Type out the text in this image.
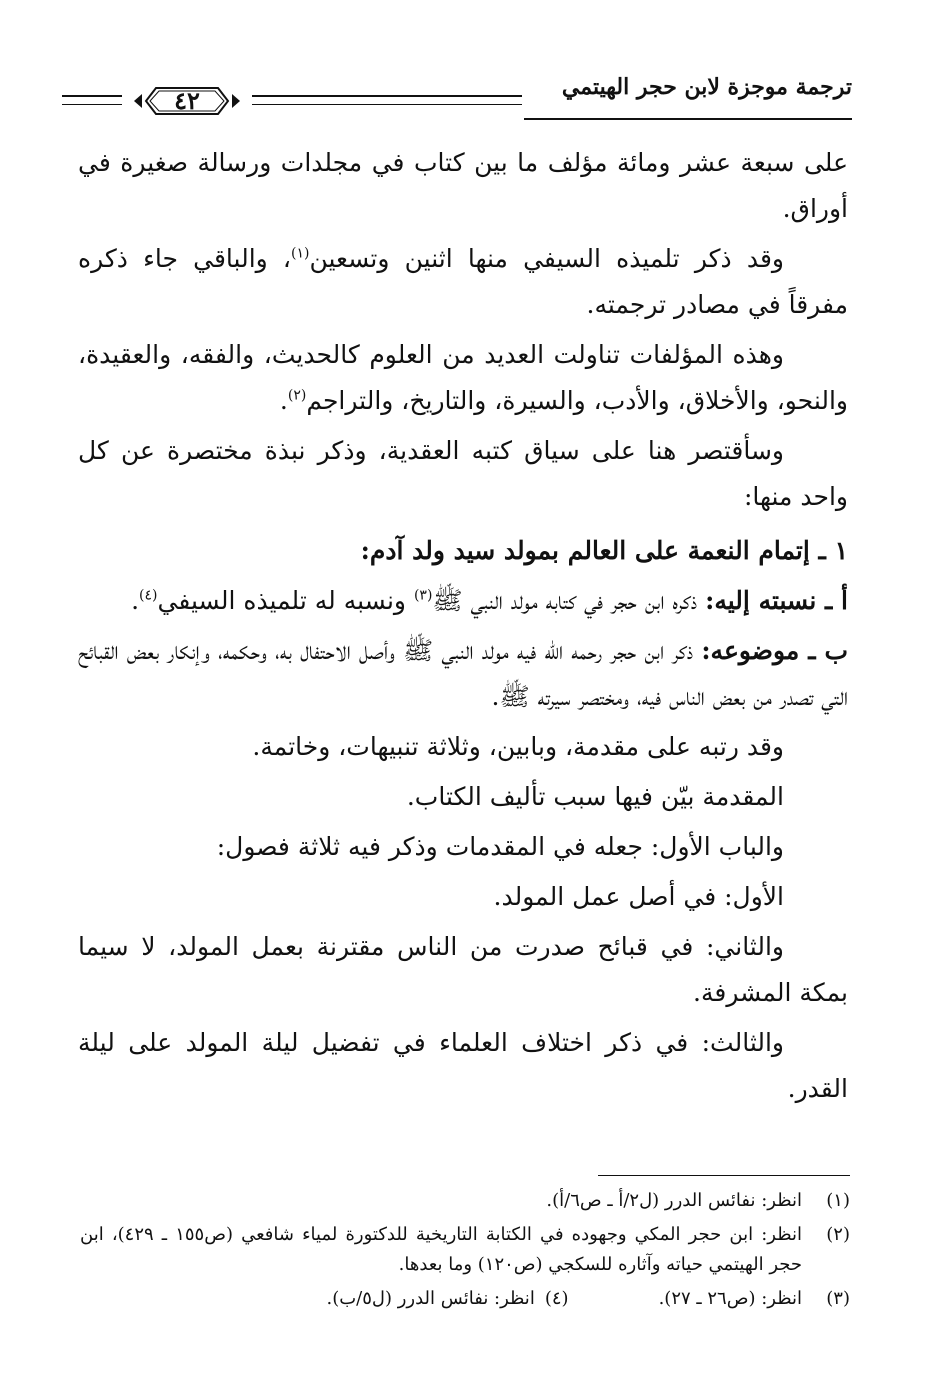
٤٢	ترجمة موجزة لابن حجر الهيتمي

على سبعة عشر ومائة مؤلف ما بين كتاب في مجلدات ورسالة صغيرة في أوراق.

وقد ذكر تلميذه السيفي منها اثنين وتسعين$^{(١)}$، والباقي جاء ذكره مفرقاً في مصادر ترجمته.

وهذه المؤلفات تناولت العديد من العلوم كالحديث، والفقه، والعقيدة، والنحو، والأخلاق، والأدب، والسيرة، والتاريخ، والتراجم$^{(٢)}$.

وسأقتصر هنا على سياق كتبه العقدية، وذكر نبذة مختصرة عن كل واحد منها:

١ ـ إتمام النعمة على العالم بمولد سيد ولد آدم:

أ ـ نسبته إليه: ذكره ابن حجر في كتابه مولد النبي ﷺ$^{(٣)}$ ونسبه له تلميذه السيفي$^{(٤)}$.

ب ـ موضوعه: ذكر ابن حجر رحمه الله فيه مولد النبي ﷺ وأصل الاحتفال به، وحكمه، وإنكار بعض القبائح التي تصدر من بعض الناس فيه، ومختصر سيرته ﷺ.

وقد رتبه على مقدمة، وبابين، وثلاثة تنبيهات، وخاتمة.

المقدمة بيّن فيها سبب تأليف الكتاب.

والباب الأول: جعله في المقدمات وذكر فيه ثلاثة فصول:

الأول: في أصل عمل المولد.

والثاني: في قبائح صدرت من الناس مقترنة بعمل المولد، لا سيما بمكة المشرفة.

والثالث: في ذكر اختلاف العلماء في تفضيل ليلة المولد على ليلة القدر.

(١)
انظر: نفائس الدرر (ل٢/أ ـ ص٦/أ).
(٢)
انظر: ابن حجر المكي وجهوده في الكتابة التاريخية للدكتورة لمياء شافعي (ص١٥٥ ـ ٤٢٩)، ابن حجر الهيتمي حياته وآثاره للسكجي (ص١٢٠) وما بعدها.
(٣)
انظر: (ص٢٦ ـ ٢٧).
(٤)انظر: نفائس الدرر (ل٥/ب).
